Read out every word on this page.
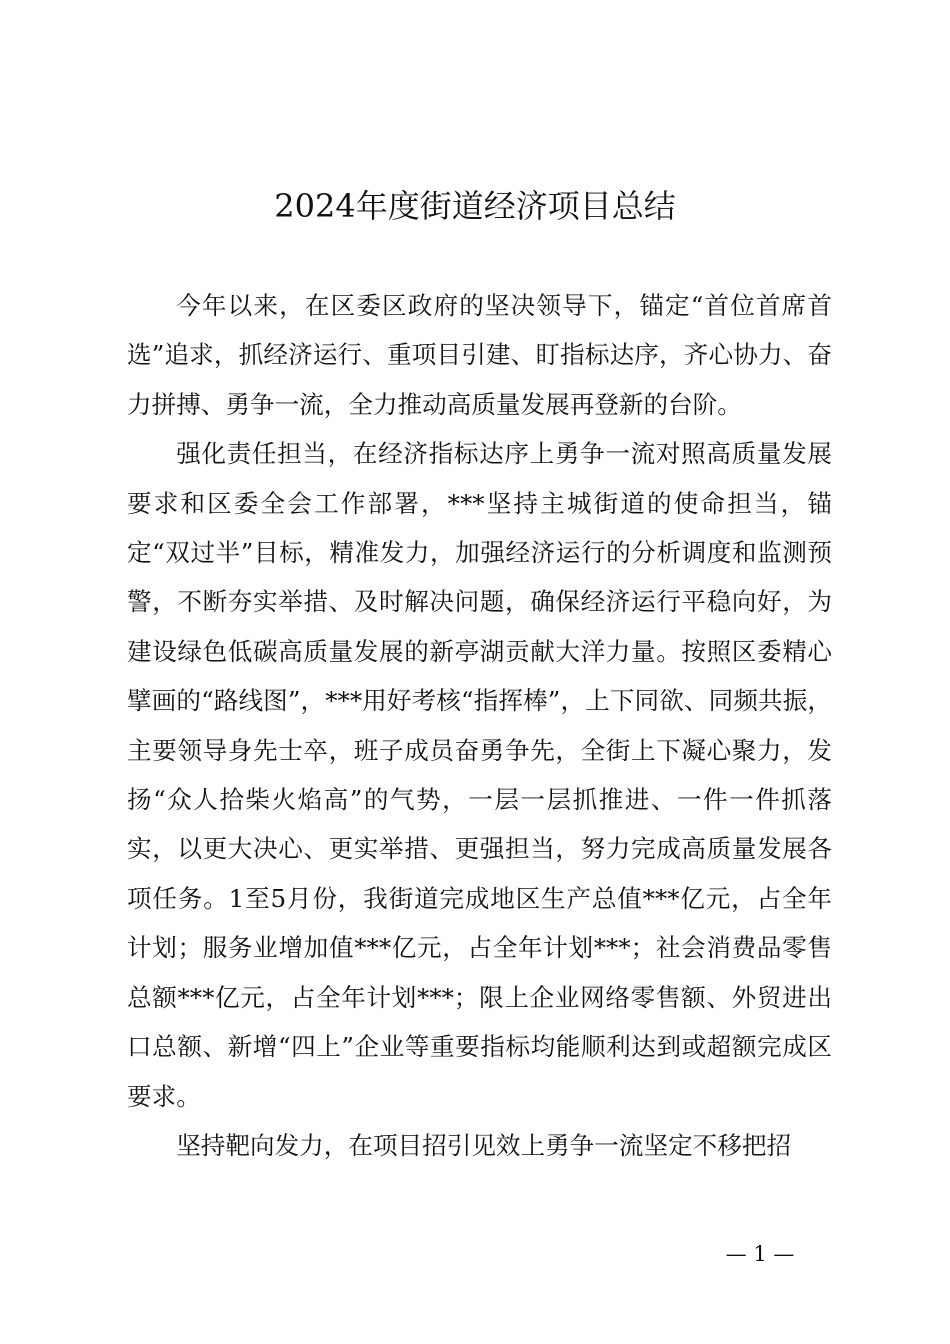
2024年度街道经济项目总结

今年以来，在区委区政府的坚决领导下，锚定“首位首席首选”追求，抓经济运行、重项目引建、盯指标达序，齐心协力、奋力拼搏、勇争一流，全力推动高质量发展再登新的台阶。

强化责任担当，在经济指标达序上勇争一流对照高质量发展要求和区委全会工作部署，***坚持主城街道的使命担当，锚定“双过半”目标，精准发力，加强经济运行的分析调度和监测预警，不断夯实举措、及时解决问题，确保经济运行平稳向好，为建设绿色低碳高质量发展的新亭湖贡献大洋力量。按照区委精心擘画的“路线图”，***用好考核“指挥棒”，上下同欲、同频共振，主要领导身先士卒，班子成员奋勇争先，全街上下凝心聚力，发扬“众人拾柴火焰高”的气势，一层一层抓推进、一件一件抓落实，以更大决心、更实举措、更强担当，努力完成高质量发展各项任务。1至5月份，我街道完成地区生产总值***亿元，占全年计划；服务业增加值***亿元，占全年计划***；社会消费品零售总额***亿元，占全年计划***；限上企业网络零售额、外贸进出口总额、新增“四上”企业等重要指标均能顺利达到或超额完成区要求。

坚持靶向发力，在项目招引见效上勇争一流坚定不移把招

— 1 —
